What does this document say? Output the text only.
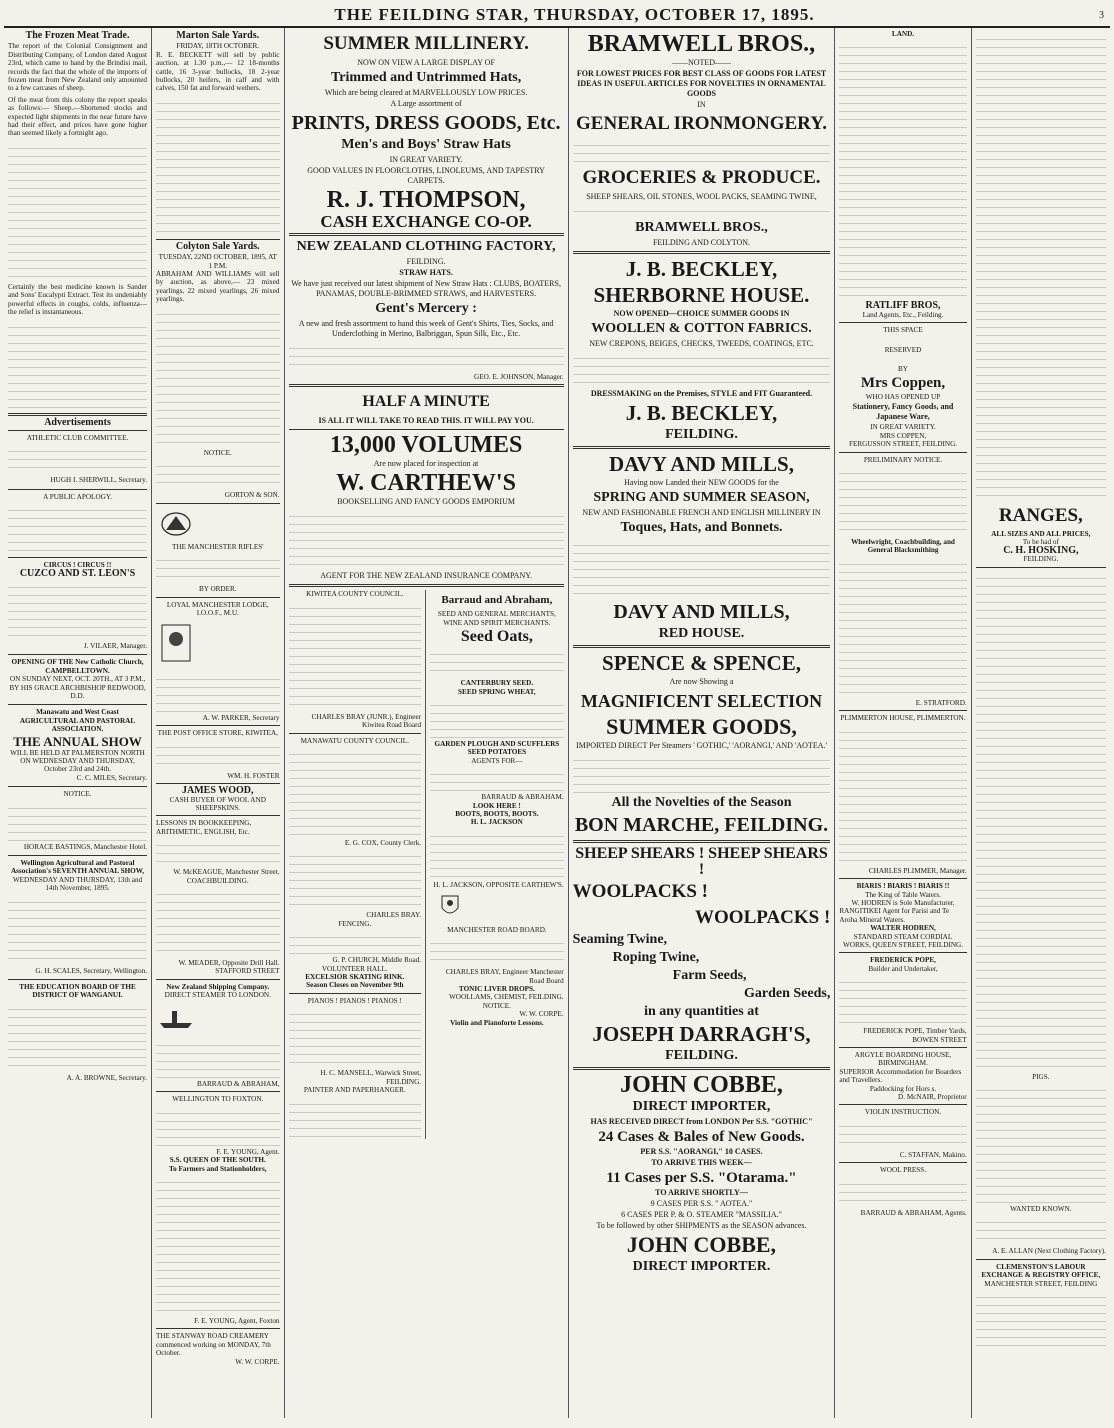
THE FEILDING STAR, THURSDAY, OCTOBER 17, 1895.	3
The Frozen Meat Trade.

The report of the Colonial Consignment and Distributing Company, of London dated August 23rd, which came to hand by the Brindisi mail, records the fact that the whole of the imports of frozen meat from New Zealand only amounted to a few carcases of sheep.

Of the meat from this colony the report speaks as follows:— Sheep.—Shortened stocks and expected light shipments in the near future have had their effect, and prices have gone higher than seemed likely a fortnight ago.

Certainly the best medicine known is Sander and Sons' Eucalypti Extract. Test its undeniably powerful effects in coughs, colds, influenza—the relief is instantaneous.

Advertisements
ATHLETIC CLUB COMMITTEE.
HUGH I. SHERWILL, Secretary.
A PUBLIC APOLOGY.
CIRCUS ! CIRCUS !!
CUZCO AND ST. LEON'S
J. VILAER, Manager.
OPENING OF THE New Catholic Church, CAMPBELLTOWN.
ON SUNDAY NEXT, OCT. 20TH., AT 3 P.M., BY HIS GRACE ARCHBISHOP REDWOOD, D.D.
Manawatu and West Coast AGRICULTURAL AND PASTORAL ASSOCIATION.
THE ANNUAL SHOW
WILL BE HELD AT PALMERSTON NORTH ON WEDNESDAY AND THURSDAY, October 23rd and 24th.
C. C. MILES, Secretary.
NOTICE.
HORACE BASTINGS, Manchester Hotel.
Wellington Agricultural and Pastoral Association's SEVENTH ANNUAL SHOW,
WEDNESDAY AND THURSDAY, 13th and 14th November, 1895.
G. H. SCALES, Secretary, Wellington.
THE EDUCATION BOARD OF THE DISTRICT OF WANGANUI.
A. A. BROWNE, Secretary.
Marton Sale Yards.
FRIDAY, 18TH OCTOBER.

R. E. BECKETT will sell by public auction, at 1.30 p.m.,— 12 18-months cattle, 16 3-year bullocks, 18 2-year bullocks, 20 heifers, in calf and with calves, 150 fat and forward wethers.

Colyton Sale Yards.
TUESDAY, 22ND OCTOBER, 1895, AT 1 P.M.

ABRAHAM AND WILLIAMS will sell by auction, as above,— 23 mixed yearlings, 22 mixed yearlings, 26 mixed yearlings.

NOTICE.
GORTON & SON.
THE MANCHESTER RIFLES'
BY ORDER.
LOYAL MANCHESTER LODGE, I.O.O.F., M.U.
A. W. PARKER, Secretary
THE POST OFFICE STORE, KIWITEA,
WM. H. FOSTER
JAMES WOOD,
CASH BUYER OF WOOL AND SHEEPSKINS.
LESSONS IN BOOKKEEPING, ARITHMETIC, ENGLISH, Etc.
W. McKEAGUE, Manchester Street.
COACHBUILDING.
W. MEADER, Opposite Drill Hall. STAFFORD STREET
New Zealand Shipping Company.
DIRECT STEAMER TO LONDON.
BARRAUD & ABRAHAM,
WELLINGTON TO FOXTON.
F. E. YOUNG, Agent.
S.S. QUEEN OF THE SOUTH.
To Farmers and Stationholders,
F. E. YOUNG, Agent, Foxton
THE STANWAY ROAD CREAMERY commenced working on MONDAY, 7th October.
W. W. CORPE.
SUMMER MILLINERY.
NOW ON VIEW A LARGE DISPLAY OF
Trimmed and Untrimmed Hats,
Which are being cleared at MARVELLOUSLY LOW PRICES.
A Large assortment of
PRINTS, DRESS GOODS, Etc.
Men's and Boys' Straw Hats
IN GREAT VARIETY.
GOOD VALUES IN FLOORCLOTHS, LINOLEUMS, AND TAPESTRY CARPETS.
R. J. THOMPSON,
CASH EXCHANGE CO-OP.
NEW ZEALAND CLOTHING FACTORY,
FEILDING.
STRAW HATS.
We have just received our latest shipment of New Straw Hats : CLUBS, BOATERS, PANAMAS, DOUBLE-BRIMMED STRAWS, and HARVESTERS.
Gent's Mercery :
A new and fresh assortment to hand this week of Gent's Shirts, Ties, Socks, and Underclothing in Merino, Balbriggan, Spun Silk, Etc., Etc.
GEO. E. JOHNSON, Manager.
HALF A MINUTE
IS ALL IT WILL TAKE TO READ THIS. IT WILL PAY YOU.
13,000 VOLUMES
Are now placed for inspection at
W. CARTHEW'S
BOOKSELLING AND FANCY GOODS EMPORIUM
AGENT FOR THE NEW ZEALAND INSURANCE COMPANY.
KIWITEA COUNTY COUNCIL.
CHARLES BRAY (JUNR.), Engineer Kiwitea Road Board
MANAWATU COUNTY COUNCIL.
E. G. COX, County Clerk.
CHARLES BRAY.
FENCING.
G. P. CHURCH, Middle Road.
VOLUNTEER HALL.
EXCELSIOR SKATING RINK.
Season Closes on November 9th
PIANOS ! PIANOS ! PIANOS !
H. C. MANSELL, Warwick Street, FEILDING.
PAINTER AND PAPERHANGER.
Barraud and Abraham,
SEED AND GENERAL MERCHANTS,
WINE AND SPIRIT MERCHANTS.
Seed Oats,
CANTERBURY SEED.
SEED SPRING WHEAT,
GARDEN PLOUGH AND SCUFFLERS
SEED POTATOES
AGENTS FOR—
BARRAUD & ABRAHAM.
LOOK HERE !
BOOTS, BOOTS, BOOTS.
H. L. JACKSON
H. L. JACKSON, OPPOSITE CARTHEW'S.
MANCHESTER ROAD BOARD.
CHARLES BRAY, Engineer Manchester Road Board
TONIC LIVER DROPS.
WOOLLAMS, CHEMIST, FEILDING.
NOTICE.
W. W. CORPE.
Violin and Pianoforte Lessons.
BRAMWELL BROS.,
——NOTED——
FOR LOWEST PRICES FOR BEST CLASS OF GOODS FOR LATEST IDEAS IN USEFUL ARTICLES FOR NOVELTIES IN ORNAMENTAL GOODS
IN
GENERAL IRONMONGERY.
GROCERIES & PRODUCE.
SHEEP SHEARS, OIL STONES, WOOL PACKS, SEAMING TWINE,
BRAMWELL BROS.,
FEILDING AND COLYTON.
J. B. BECKLEY,
SHERBORNE HOUSE.
NOW OPENED—CHOICE SUMMER GOODS IN
WOOLLEN & COTTON FABRICS.
NEW CREPONS, BEIGES, CHECKS, TWEEDS, COATINGS, ETC.
DRESSMAKING on the Premises, STYLE and FIT Guaranteed.
J. B. BECKLEY,
FEILDING.
DAVY AND MILLS,
Having now Landed their NEW GOODS for the
SPRING AND SUMMER SEASON,
NEW AND FASHIONABLE FRENCH AND ENGLISH MILLINERY IN
Toques, Hats, and Bonnets.
DAVY AND MILLS,
RED HOUSE.
SPENCE & SPENCE,
Are now Showing a
MAGNIFICENT SELECTION
SUMMER GOODS,
IMPORTED DIRECT Per Steamers ' GOTHIC,' 'AORANGI,' AND 'AOTEA.'
All the Novelties of the Season
BON MARCHE, FEILDING.
SHEEP SHEARS ! SHEEP SHEARS !
WOOLPACKS !
WOOLPACKS !
Seaming Twine,
Roping Twine,
Farm Seeds,
Garden Seeds,
in any quantities at
JOSEPH DARRAGH'S,
FEILDING.
JOHN COBBE,
DIRECT IMPORTER,
HAS RECEIVED DIRECT from LONDON Per S.S. "GOTHIC"
24 Cases & Bales of New Goods.
PER S.S. "AORANGI," 10 CASES.
TO ARRIVE THIS WEEK—
11 Cases per S.S. "Otarama."
TO ARRIVE SHORTLY—
9 CASES PER S.S. " AOTEA."
6 CASES PER P. & O. STEAMER "MASSILIA."
To be followed by other SHIPMENTS as the SEASON advances.
JOHN COBBE,
DIRECT IMPORTER.
LAND.
RATLIFF BROS,
Land Agents, Etc., Feilding.
THIS SPACE
RESERVED
BY
Mrs Coppen,
WHO HAS OPENED UP
Stationery, Fancy Goods, and Japanese Ware,
IN GREAT VARIETY.
MRS COPPEN,
FERGUSSON STREET, FEILDING.
PRELIMINARY NOTICE.
Wheelwright, Coachbuilding, and General Blacksmithing
E. STRATFORD.
PLIMMERTON HOUSE, PLIMMERTON.
CHARLES PLIMMER, Manager.
BIARIS ! BIARIS ! BIARIS !!
The King of Table Waters.
W. HODREN is Sole Manufacturer.
RANGITIKEI Agent for Parisi and Te Aroha Mineral Waters.
WALTER HODREN,
STANDARD STEAM CORDIAL WORKS, QUEEN STREET, FEILDING.
FREDERICK POPE,
Builder and Undertaker,
FREDERICK POPE, Timber Yards, BOWEN STREET
ARGYLE BOARDING HOUSE, BIRMINGHAM.
SUPERIOR Accommodation for Boarders and Travellers.
Paddocking for Hors s.
D. McNAIR, Proprietor
VIOLIN INSTRUCTION.
C. STAFFAN, Makino.
WOOL PRESS.
BARRAUD & ABRAHAM, Agents.
RANGES,
ALL SIZES AND ALL PRICES,
To be had of
C. H. HOSKING,
FEILDING.
PIGS.
WANTED KNOWN.
A. E. ALLAN (Next Clothing Factory).
CLEMENSTON'S LABOUR EXCHANGE & REGISTRY OFFICE,
MANCHESTER STREET, FEILDING
